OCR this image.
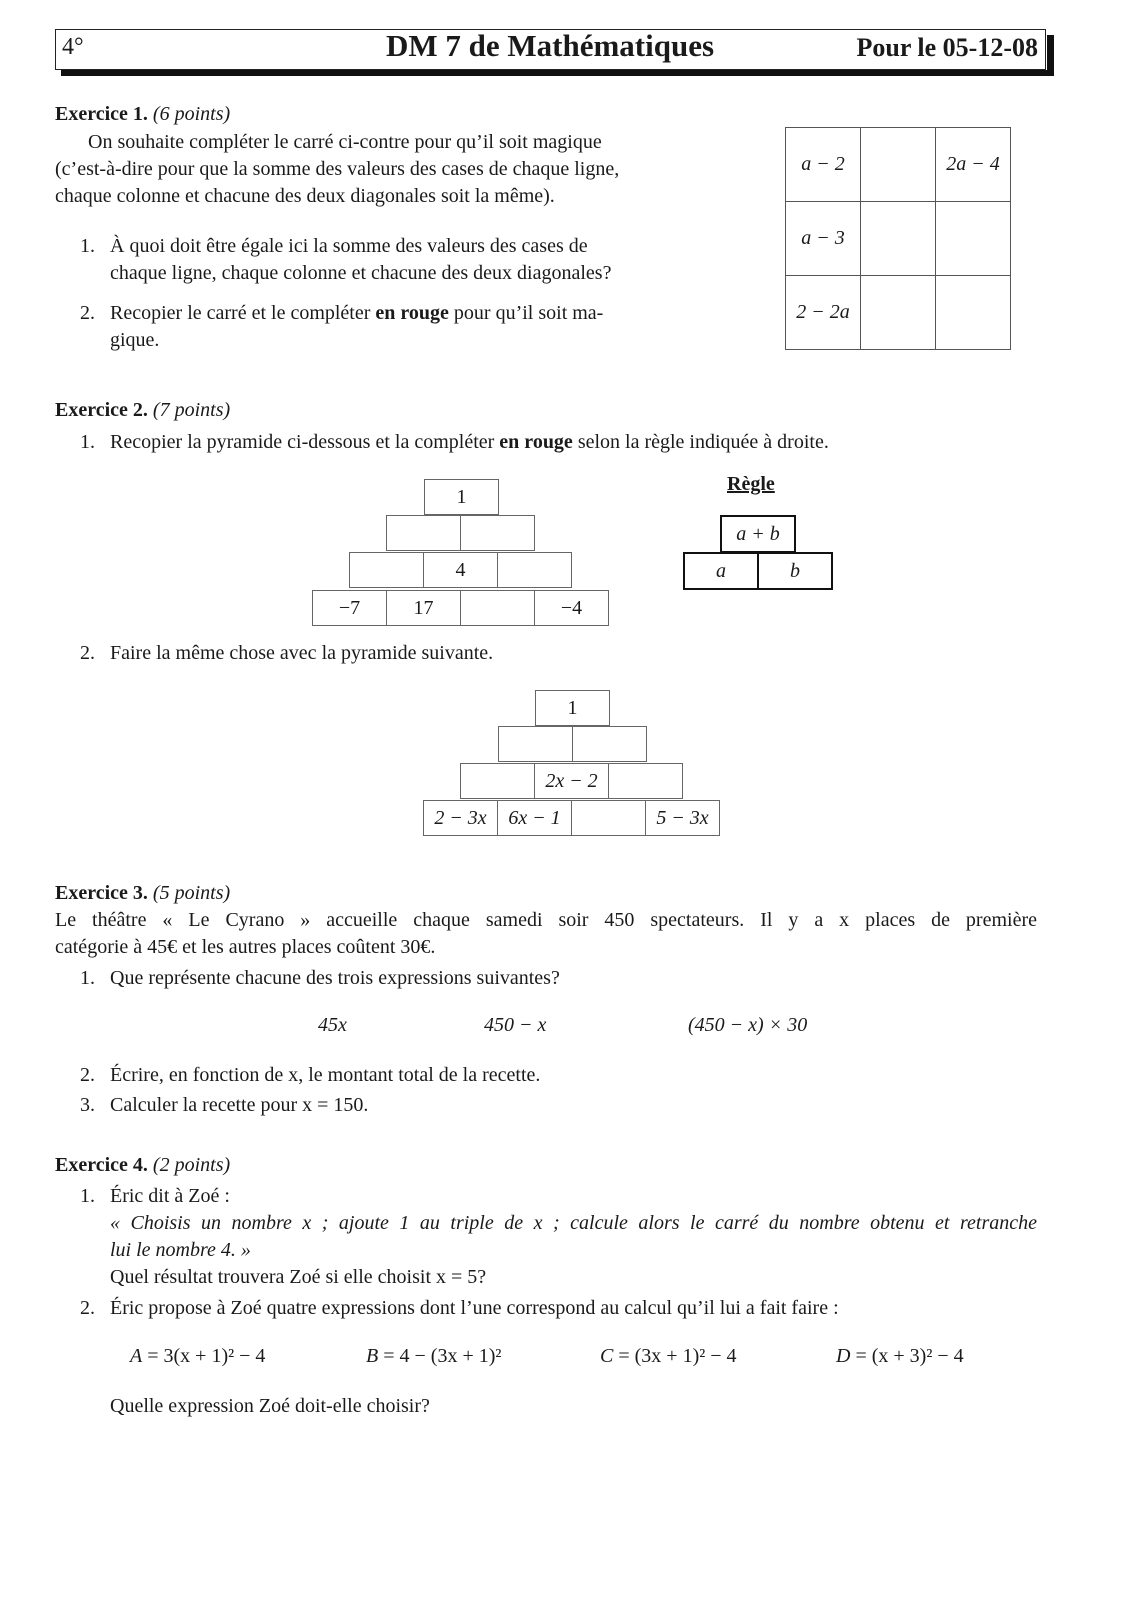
4°	DM 7 de Mathématiques	Pour le 05-12-08
Exercice 1. (6 points)
On souhaite compléter le carré ci-contre pour qu’il soit magique
(c’est-à-dire pour que la somme des valeurs des cases de chaque ligne,
chaque colonne et chacune des deux diagonales soit la même).
1. À quoi doit être égale ici la somme des valeurs des cases de
chaque ligne, chaque colonne et chacune des deux diagonales?
2. Recopier le carré et le compléter en rouge pour qu’il soit ma-
gique.
a − 2		2a − 4
a − 3		
2 − 2a		
Exercice 2. (7 points)
1. Recopier la pyramide ci-dessous et la compléter en rouge selon la règle indiquée à droite.
1
4
−7	17	−4
Règle
a + b
a	b
2. Faire la même chose avec la pyramide suivante.
1
2x − 2
2 − 3x	6x − 1	5 − 3x
Exercice 3. (5 points)
Le théâtre « Le Cyrano » accueille chaque samedi soir 450 spectateurs. Il y a x places de première
catégorie à 45€ et les autres places coûtent 30€.
1. Que représente chacune des trois expressions suivantes?
45x	450 − x	(450 − x) × 30
2. Écrire, en fonction de x, le montant total de la recette.
3. Calculer la recette pour x = 150.
Exercice 4. (2 points)
1. Éric dit à Zoé :
« Choisis un nombre x ; ajoute 1 au triple de x ; calcule alors le carré du nombre obtenu et retranche
lui le nombre 4. »
Quel résultat trouvera Zoé si elle choisit x = 5?
2. Éric propose à Zoé quatre expressions dont l’une correspond au calcul qu’il lui a fait faire :
A = 3(x + 1)² − 4	B = 4 − (3x + 1)²	C = (3x + 1)² − 4	D = (x + 3)² − 4
Quelle expression Zoé doit-elle choisir?
